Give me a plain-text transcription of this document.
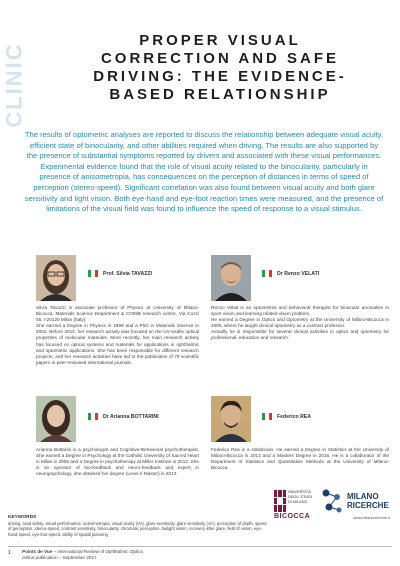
CLINIC
PROPER VISUAL
CORRECTION AND SAFE
DRIVING: THE EVIDENCE-
BASED RELATIONSHIP
The results of optometric analyses are reported to discuss the relationship between adequate visual acuity, efficient state of binocularity, and other abilities required when driving. The results are also supported by the presence of substantial symptoms reported by drivers and associated with these visual performances. Experimental evidence found that the role of visual acuity related to the binocularity, particularly in presence of anisometropia, has consequences on the perception of distances in terms of speed of perception (stereo-speed). Significant correlation was also found between visual acuity and both glare sensitivity and light vision. Both eye-hand and eye-foot reaction times were measured, and the presence of limitations of the visual field was found to influence the speed of response to a visual stimulus.
Prof. Silvia TAVAZZI
Silvia Tavazzi is associate professor of Physics at University of Milano-Bicocca, Materials Science Department & COMiB research centre, Via Cozzi 55, I-20125 Milan (Italy).
She earned a Degree in Physics in 1999 and a PhD in Materials Science in 2002. Before 2012, her research activity was focused on the UV-visible optical properties of molecular materials. More recently, her main research activity has focused on optical systems and materials for applications in ophthalmic and optometric applications. She has been responsible for different research projects, and her research activities have led to the publication of 79 scientific papers in peer-reviewed international journals.
Dr Renzo VELATI
Renzo Velati is an optometrist and behavioral therapist for binocular anomalies in sport vision and learning related vision problem.
He earned a Degree in Optics and Optometry at the University of Milano-Bicocca in 2005, where he taught clinical optometry as a contract professor.
Actually he is responsible for several clinical activities in optics and optometry for professional, education and research.
Dr Arianna BOTTARINI
Arianna Bottarini is a psychologist and Cognitive-Behavioral psychotherapist. She earned a Degree in Psychology at the Catholic University of Sacred Heart in Milan in 2005 and a Degree in psychotherapy at Miller Institute in 2012. She is an operator of bio-feedback and neuro-feedback and expert in neuropsychology, she obtained her degree (Level II Master) in 2013.
Federico REA
Federico Rea is a statistician. He earned a Degree in Statistics at the University of Milano-Bicocca in 2013 and a Masters Degree in 2016. He is a collaborator of the Department of Statistics and Quantitative Methods at the University of Milano-Bicocca.
UNIVERSITÀ
DEGLI STUDI
DI MILANO
BICOCCA
MILANO
RICERCHE
www.milanoricerche.it
KEYWORDS
driving, road safety, visual performance, anisometropia, visual acuity (VA), glare sensitivity, glare sensitivity (VA), perception of depth, speed of perception, stereo-speed, contrast sensitivity, binocularity, chromatic perception, twilight vision, recovery after glare, field of vision, eye-hand speed, eye-foot speed, ability of spatial planning
1 Points de Vue – International Review of Ophthalmic Optics
online publication – September 2017
